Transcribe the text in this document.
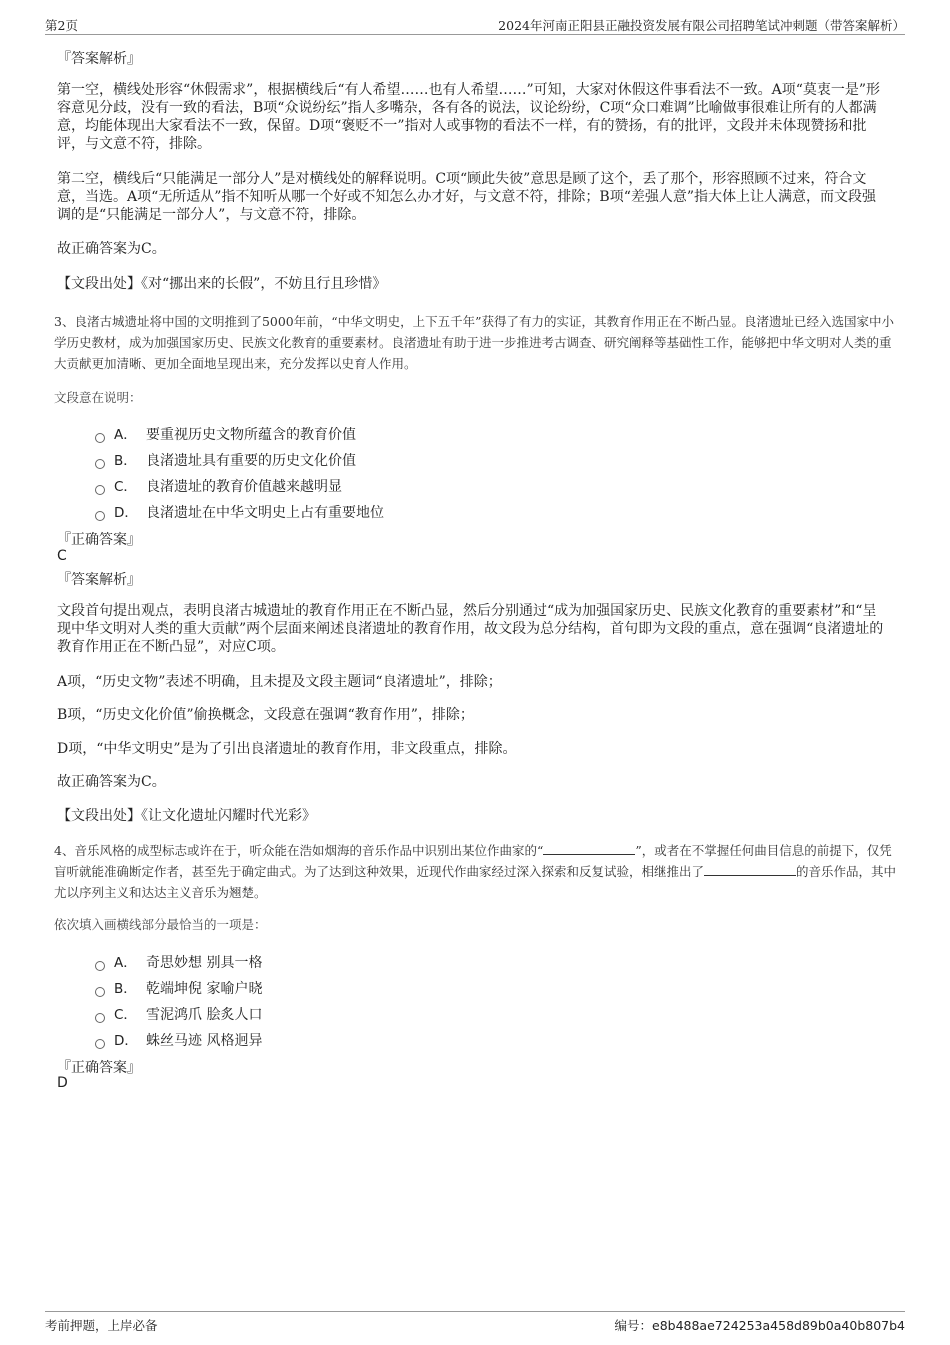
第2页	2024年河南正阳县正融投资发展有限公司招聘笔试冲刺题（带答案解析）
『答案解析』
第一空，横线处形容“休假需求”，根据横线后“有人希望……也有人希望……”可知，大家对休假这件事看法不一致。A项“莫衷一是”形容意见分歧，没有一致的看法，B项“众说纷纭”指人多嘴杂，各有各的说法，议论纷纷，C项“众口难调”比喻做事很难让所有的人都满意，均能体现出大家看法不一致，保留。D项“褒贬不一”指对人或事物的看法不一样，有的赞扬，有的批评，文段并未体现赞扬和批评，与文意不符，排除。
第二空，横线后“只能满足一部分人”是对横线处的解释说明。C项“顾此失彼”意思是顾了这个，丢了那个，形容照顾不过来，符合文意，当选。A项“无所适从”指不知听从哪一个好或不知怎么办才好，与文意不符，排除；B项“差强人意”指大体上让人满意，而文段强调的是“只能满足一部分人”，与文意不符，排除。
故正确答案为C。
【文段出处】《对“挪出来的长假”，不妨且行且珍惜》
3、良渚古城遗址将中国的文明推到了5000年前，“中华文明史，上下五千年”获得了有力的实证，其教育作用正在不断凸显。良渚遗址已经入选国家中小学历史教材，成为加强国家历史、民族文化教育的重要素材。良渚遗址有助于进一步推进考古调查、研究阐释等基础性工作，能够把中华文明对人类的重大贡献更加清晰、更加全面地呈现出来，充分发挥以史育人作用。
文段意在说明：
A． 要重视历史文物所蕴含的教育价值
B． 良渚遗址具有重要的历史文化价值
C． 良渚遗址的教育价值越来越明显
D． 良渚遗址在中华文明史上占有重要地位
『正确答案』
C
『答案解析』
文段首句提出观点，表明良渚古城遗址的教育作用正在不断凸显，然后分别通过“成为加强国家历史、民族文化教育的重要素材”和“呈现中华文明对人类的重大贡献”两个层面来阐述良渚遗址的教育作用，故文段为总分结构，首句即为文段的重点，意在强调“良渚遗址的教育作用正在不断凸显”，对应C项。
A项，“历史文物”表述不明确，且未提及文段主题词“良渚遗址”，排除；
B项，“历史文化价值”偷换概念，文段意在强调“教育作用”，排除；
D项，“中华文明史”是为了引出良渚遗址的教育作用，非文段重点，排除。
故正确答案为C。
【文段出处】《让文化遗址闪耀时代光彩》
4、音乐风格的成型标志或许在于，听众能在浩如烟海的音乐作品中识别出某位作曲家的“	”，或者在不掌握任何曲目信息的前提下，仅凭盲听就能准确断定作者，甚至先于确定曲式。为了达到这种效果，近现代作曲家经过深入探索和反复试验，相继推出了	的音乐作品，其中尤以序列主义和达达主义音乐为翘楚。
依次填入画横线部分最恰当的一项是：
A． 奇思妙想 别具一格
B． 乾端坤倪 家喻户晓
C． 雪泥鸿爪 脍炙人口
D． 蛛丝马迹 风格迥异
『正确答案』
D
考前押题，上岸必备	编号：e8b488ae724253a458d89b0a40b807b4
